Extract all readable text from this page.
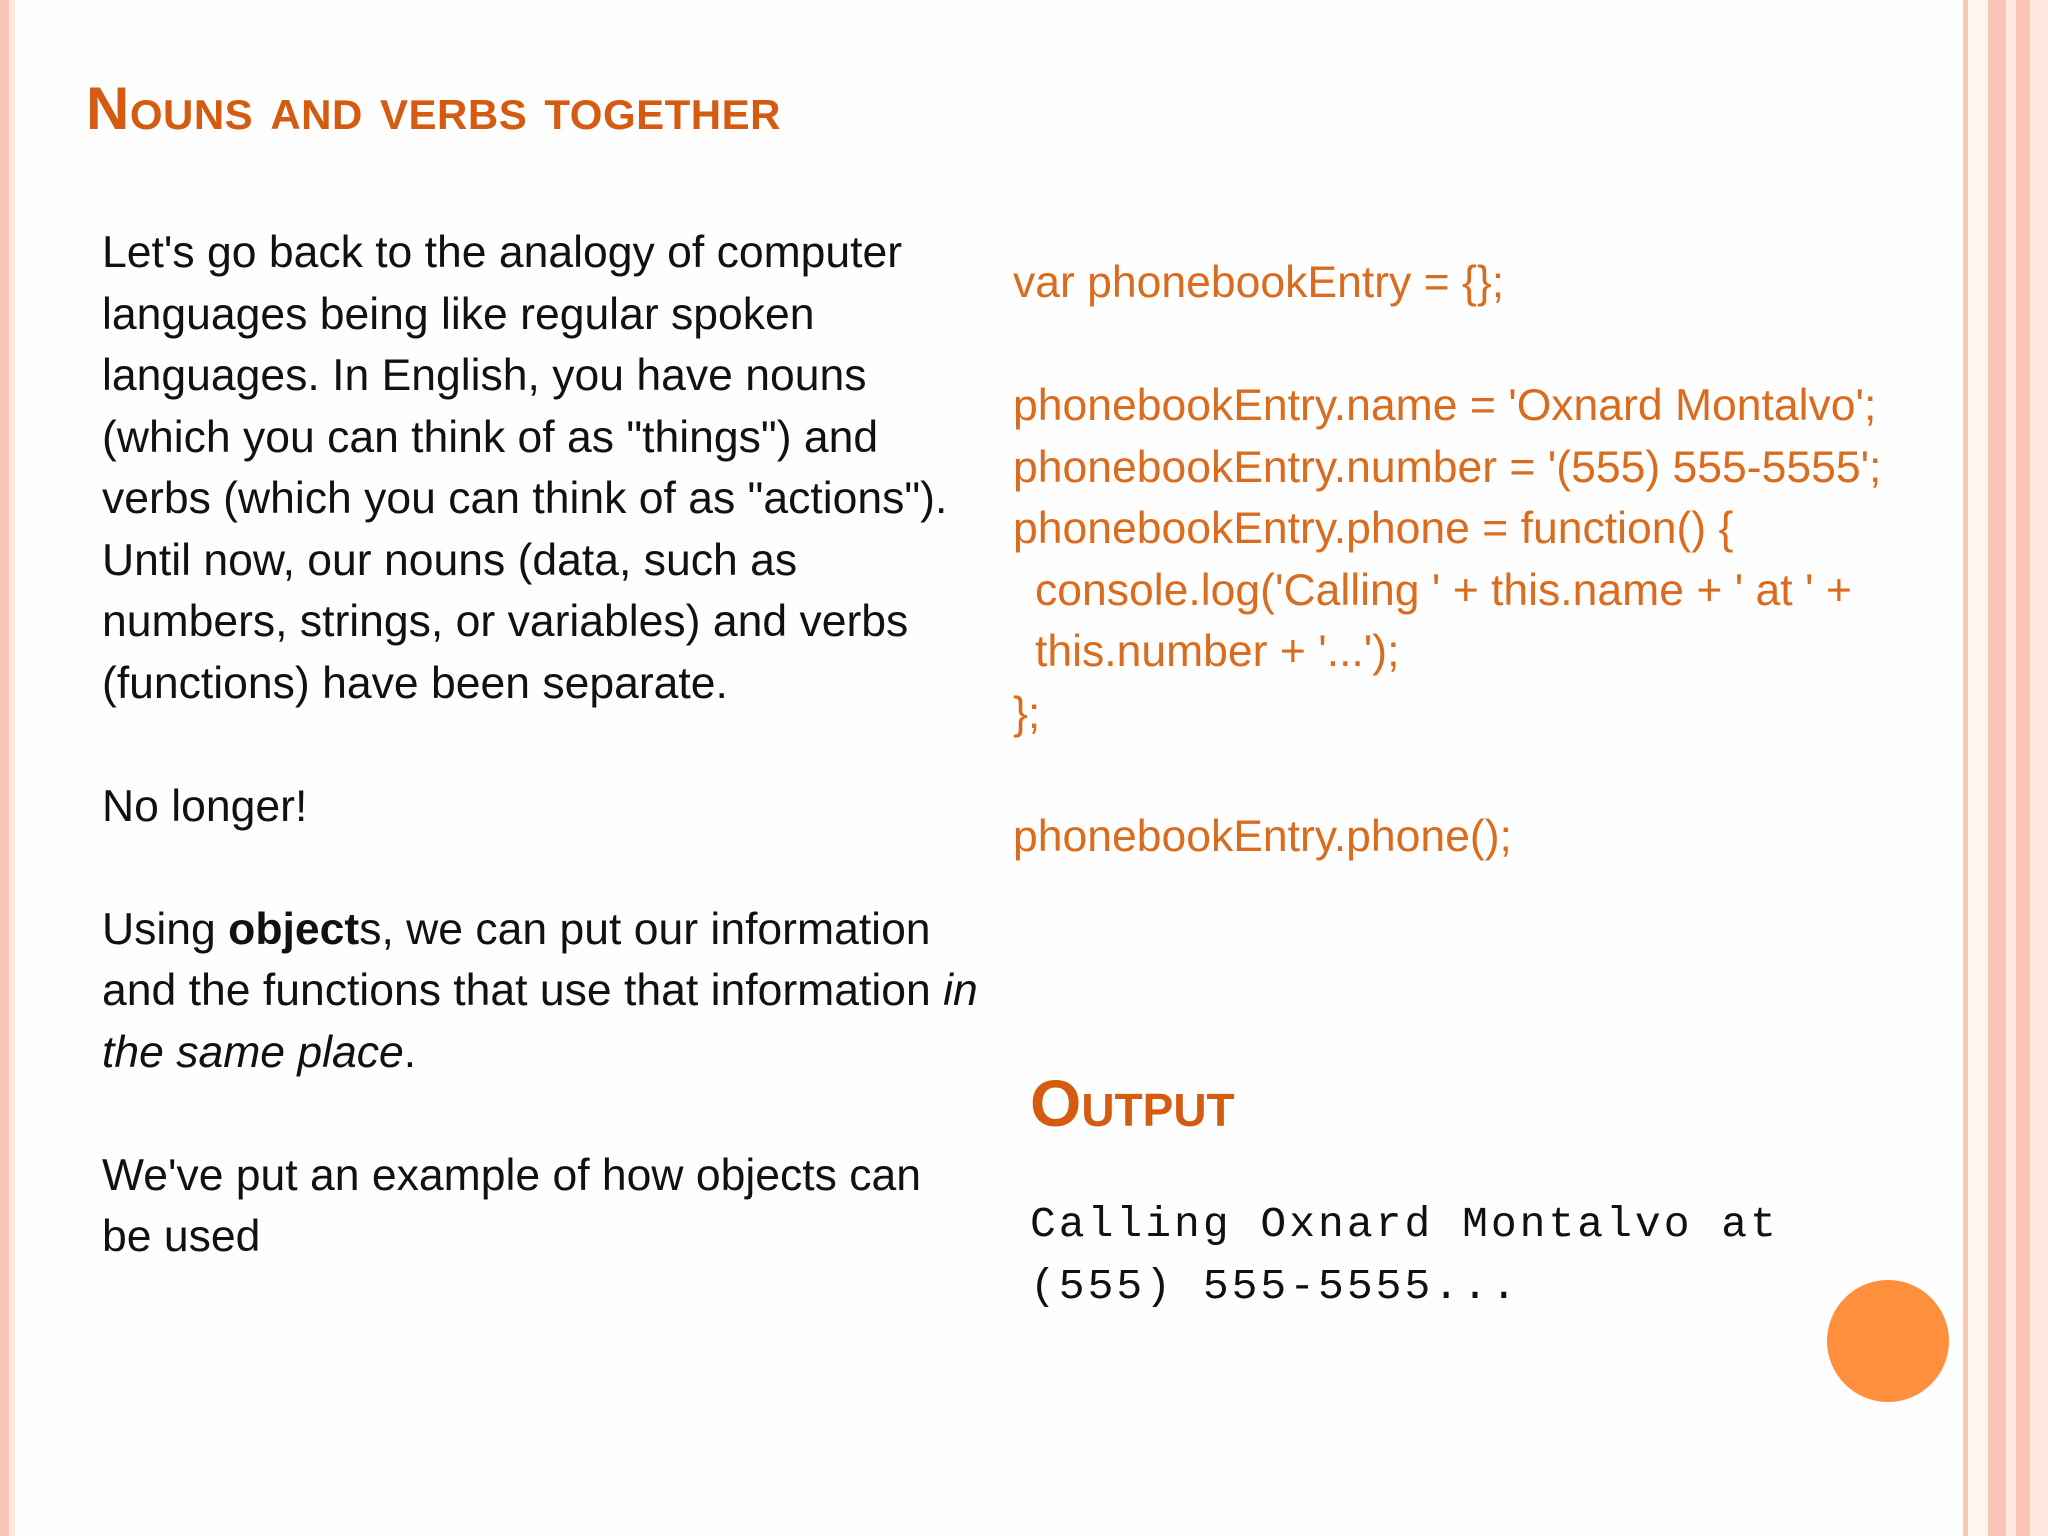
Nouns and verbs together

Let's go back to the analogy of computer languages being like regular spoken languages. In English, you have nouns (which you can think of as "things") and verbs (which you can think of as "actions"). Until now, our nouns (data, such as numbers, strings, or variables) and verbs (functions) have been separate.

No longer!

Using objects, we can put our information and the functions that use that information in the same place.

We've put an example of how objects can be used

var phonebookEntry = {};
phonebookEntry.name = 'Oxnard Montalvo';
phonebookEntry.number = '(555) 555-5555';
phonebookEntry.phone = function() {
console.log('Calling ' + this.name + ' at ' + this.number + '...');
};
phonebookEntry.phone();
Output
Calling Oxnard Montalvo at
(555) 555-5555...
